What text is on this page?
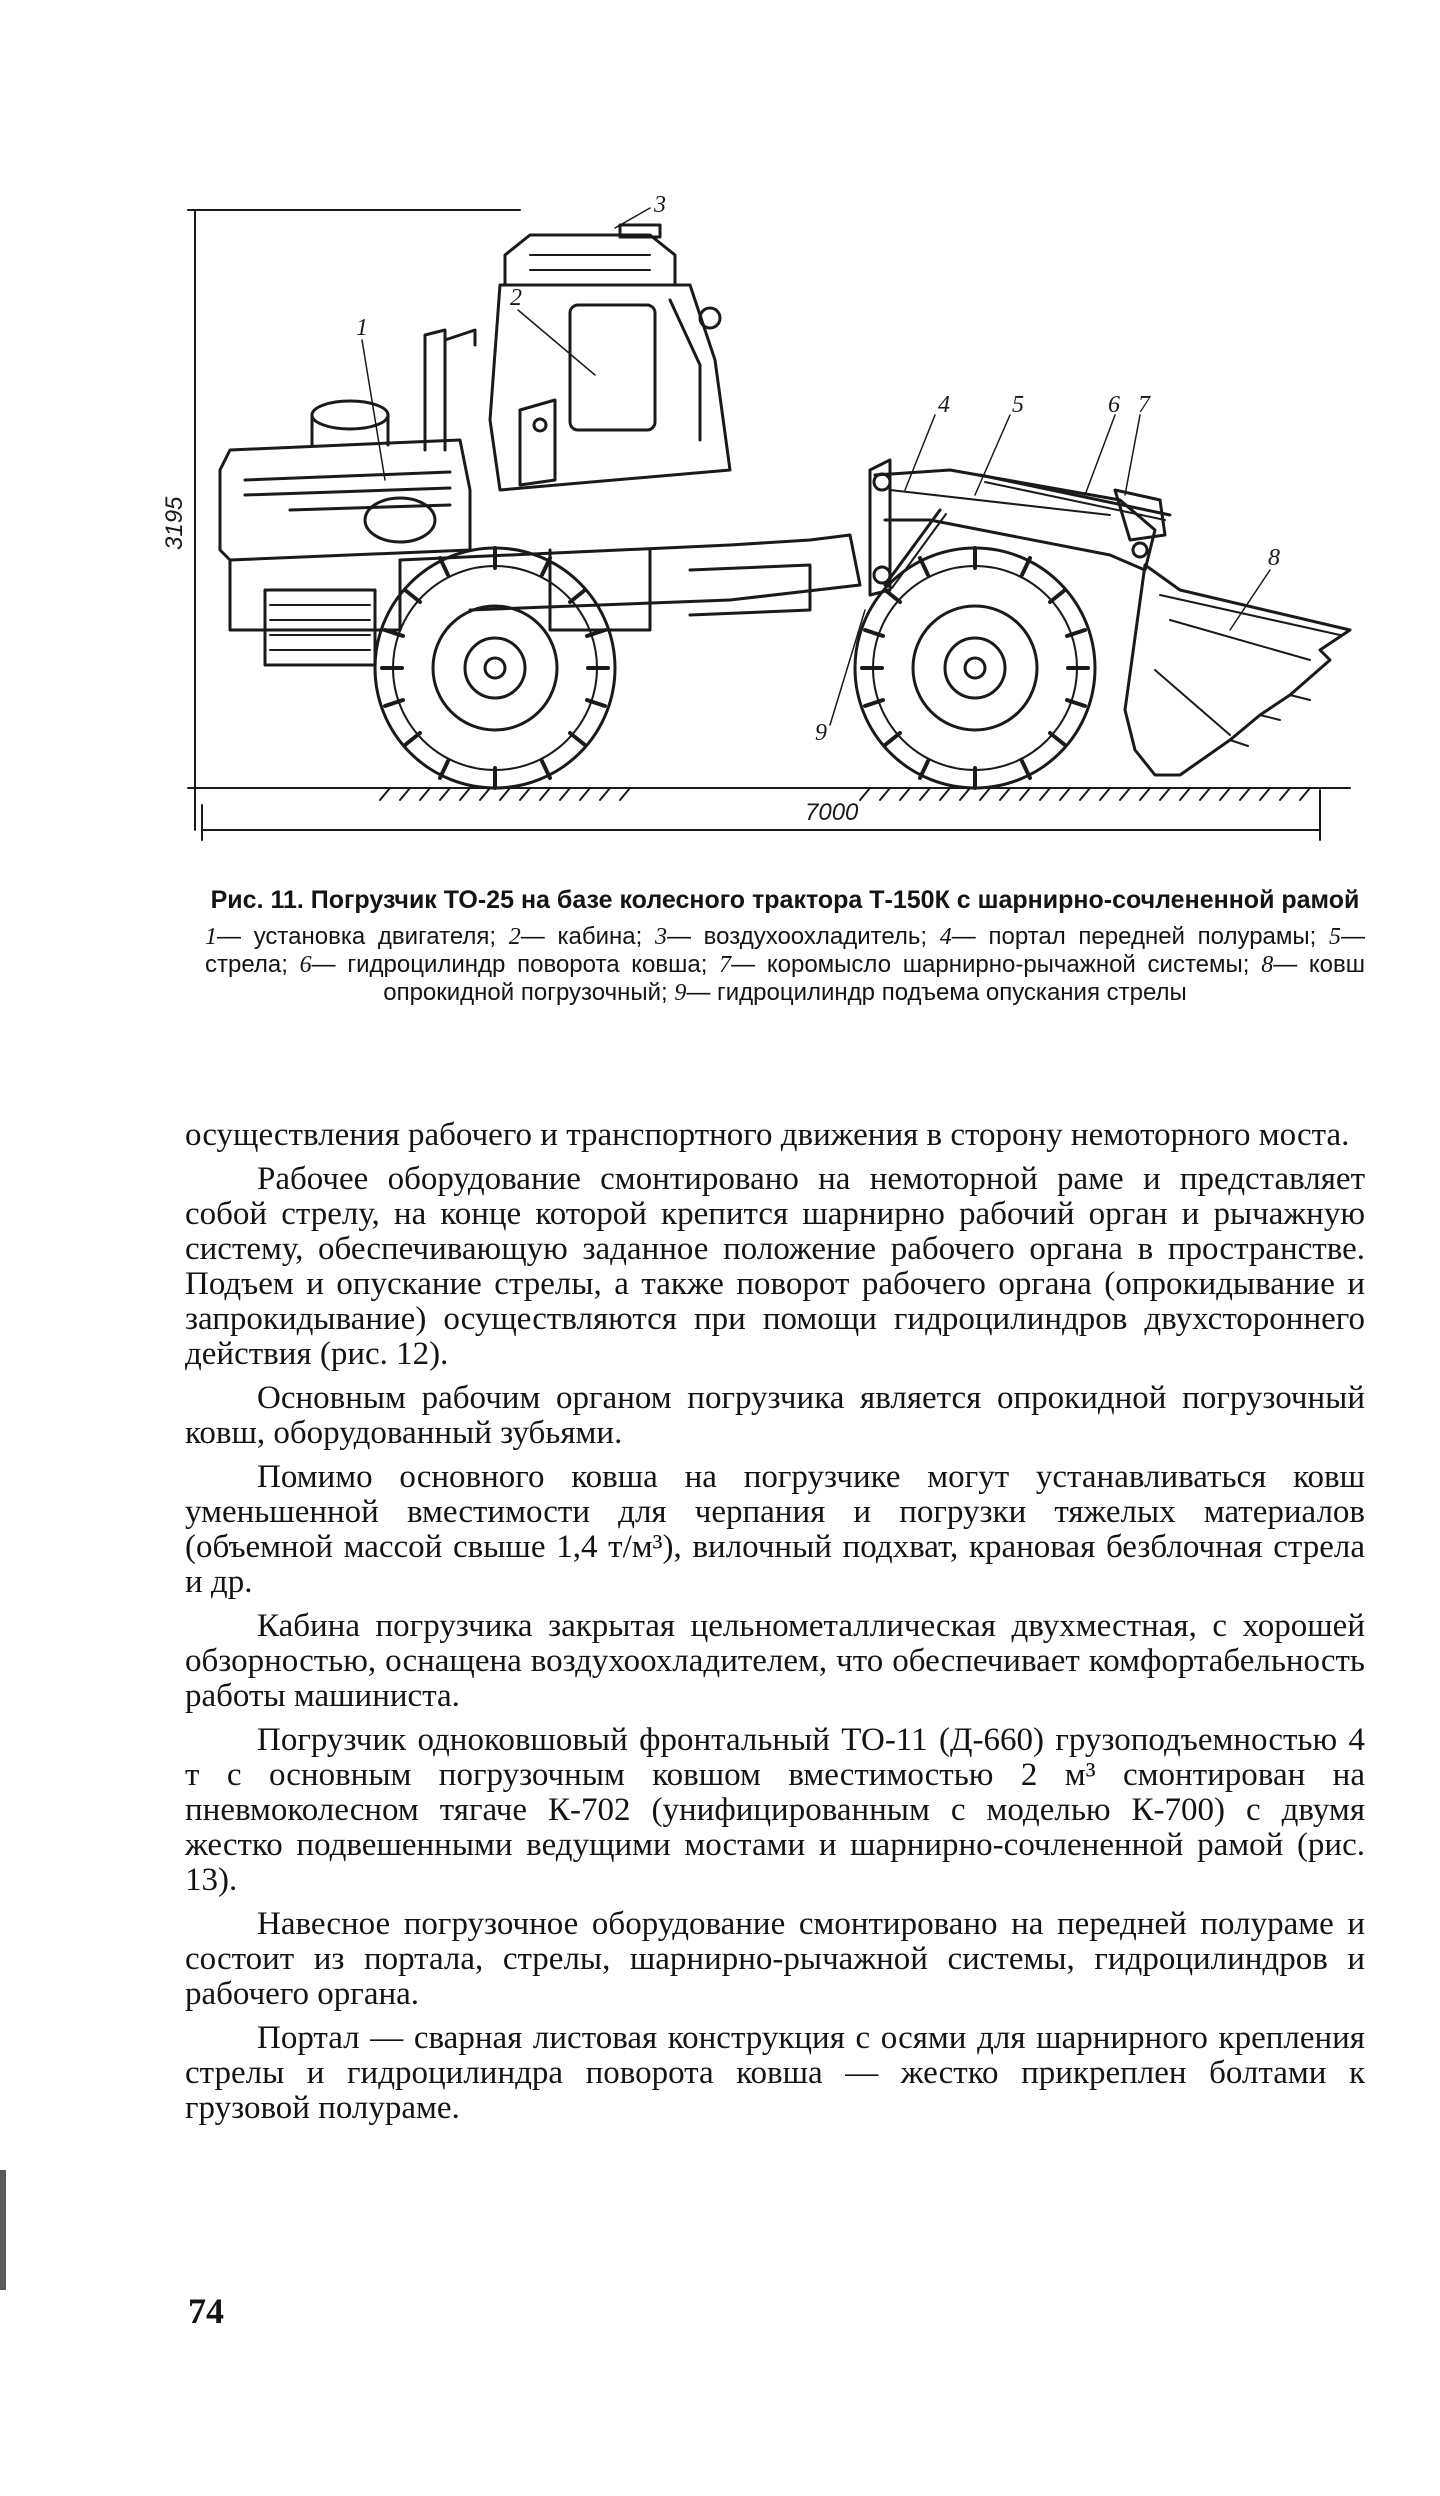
1
2
3
4	5	6 7
8
9
3195
7000

Рис. 11. Погрузчик ТО-25 на базе колесного трактора Т-150К с шарнирно-сочлененной рамой

1— установка двигателя; 2— кабина; 3— воздухоохладитель; 4— портал передней полурамы; 5— стрела; 6— гидроцилиндр поворота ковша; 7— коромысло шарнирно-рычажной системы; 8— ковш опрокидной погрузочный; 9— гидроцилиндр подъема опускания стрелы

осуществления рабочего и транспортного движения в сторону немоторного моста.

Рабочее оборудование смонтировано на немоторной раме и представляет собой стрелу, на конце которой крепится шарнирно рабочий орган и рычажную систему, обеспечивающую заданное положение рабочего органа в пространстве. Подъем и опускание стрелы, а также поворот рабочего органа (опрокидывание и запрокидывание) осуществляются при помощи гидроцилиндров двухстороннего действия (рис. 12).

Основным рабочим органом погрузчика является опрокидной погрузочный ковш, оборудованный зубьями.

Помимо основного ковша на погрузчике могут устанавливаться ковш уменьшенной вместимости для черпания и погрузки тяжелых материалов (объемной массой свыше 1,4 т/м³), вилочный подхват, крановая безблочная стрела и др.

Кабина погрузчика закрытая цельнометаллическая двухместная, с хорошей обзорностью, оснащена воздухоохладителем, что обеспечивает комфортабельность работы машиниста.

Погрузчик одноковшовый фронтальный ТО-11 (Д-660) грузоподъемностью 4 т с основным погрузочным ковшом вместимостью 2 м³ смонтирован на пневмоколесном тягаче К-702 (унифицированным с моделью К-700) с двумя жестко подвешенными ведущими мостами и шарнирно-сочлененной рамой (рис. 13).

Навесное погрузочное оборудование смонтировано на передней полураме и состоит из портала, стрелы, шарнирно-рычажной системы, гидроцилиндров и рабочего органа.

Портал — сварная листовая конструкция с осями для шарнирного крепления стрелы и гидроцилиндра поворота ковша — жестко прикреплен болтами к грузовой полураме.

74
